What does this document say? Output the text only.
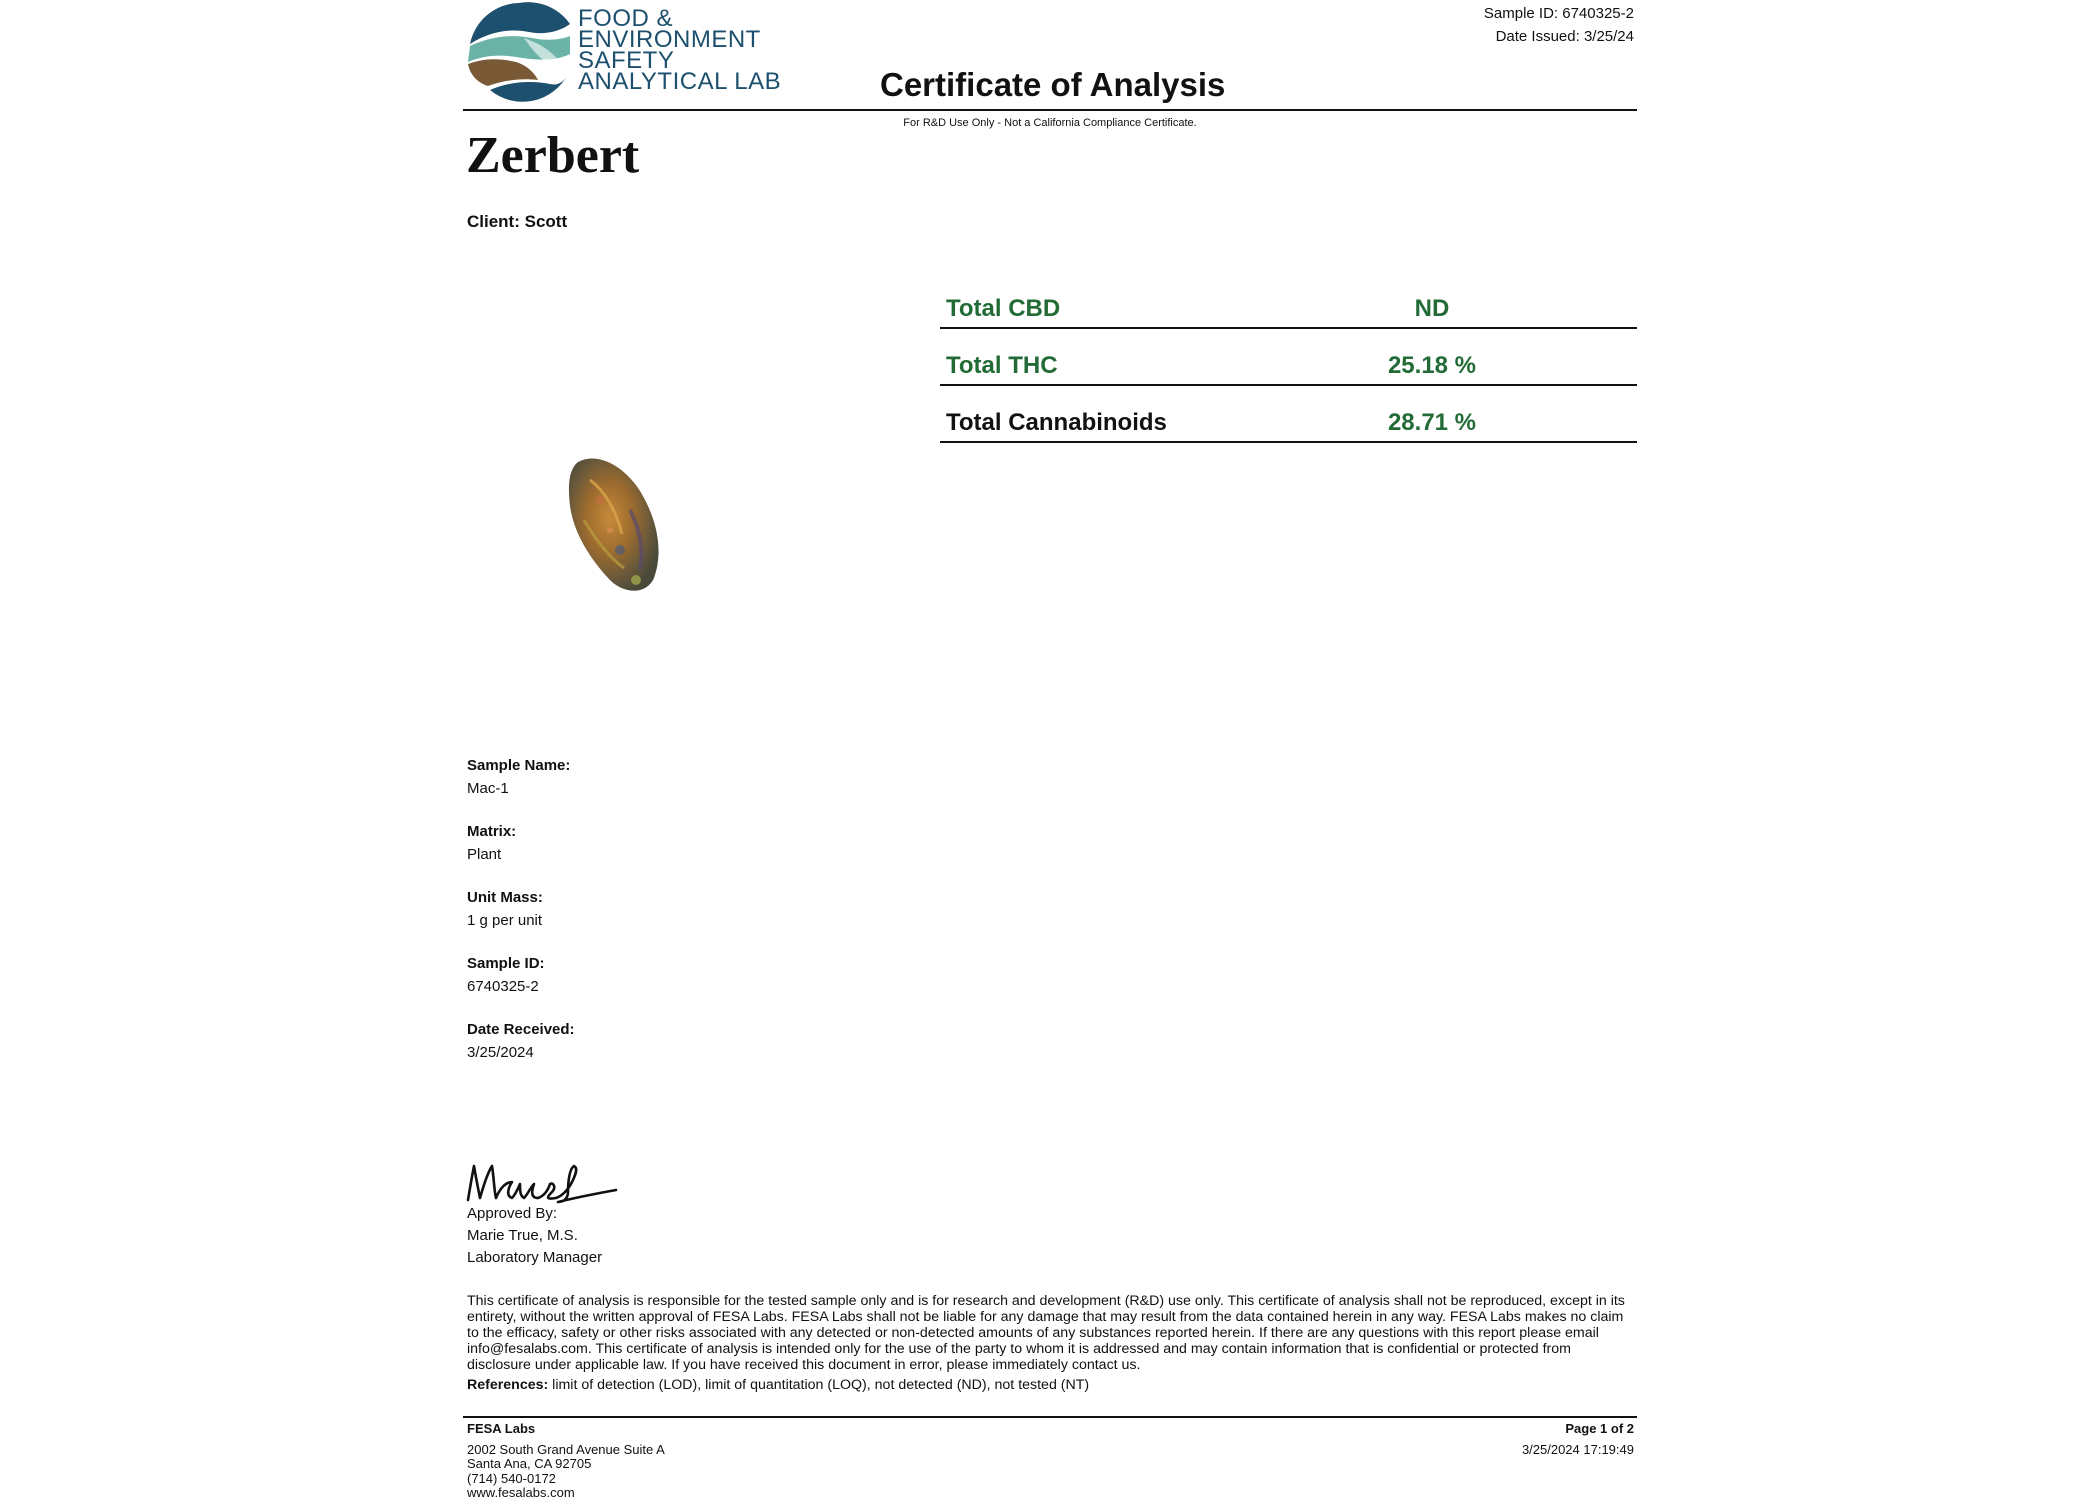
FOOD &
ENVIRONMENT
SAFETY
ANALYTICAL LAB
Sample ID: 6740325-2
Date Issued: 3/25/24
Certificate of Analysis
For R&D Use Only - Not a California Compliance Certificate.
Zerbert
Client: Scott
Total CBD	ND
Total THC	25.18 %
Total Cannabinoids	28.71 %
Sample Name:
Mac-1
Matrix:
Plant
Unit Mass:
1 g per unit
Sample ID:
6740325-2
Date Received:
3/25/2024
Approved By:
Marie True, M.S.
Laboratory Manager
This certificate of analysis is responsible for the tested sample only and is for research and development (R&D) use only. This certificate of analysis shall not be reproduced, except in its entirety, without the written approval of FESA Labs. FESA Labs shall not be liable for any damage that may result from the data contained herein in any way. FESA Labs makes no claim to the efficacy, safety or other risks associated with any detected or non-detected amounts of any substances reported herein. If there are any questions with this report please email info@fesalabs.com. This certificate of analysis is intended only for the use of the party to whom it is addressed and may contain information that is confidential or protected from disclosure under applicable law. If you have received this document in error, please immediately contact us.
References: limit of detection (LOD), limit of quantitation (LOQ), not detected (ND), not tested (NT)
FESA Labs
2002 South Grand Avenue Suite A
Santa Ana, CA 92705
(714) 540-0172
www.fesalabs.com
Page 1 of 2
3/25/2024 17:19:49
